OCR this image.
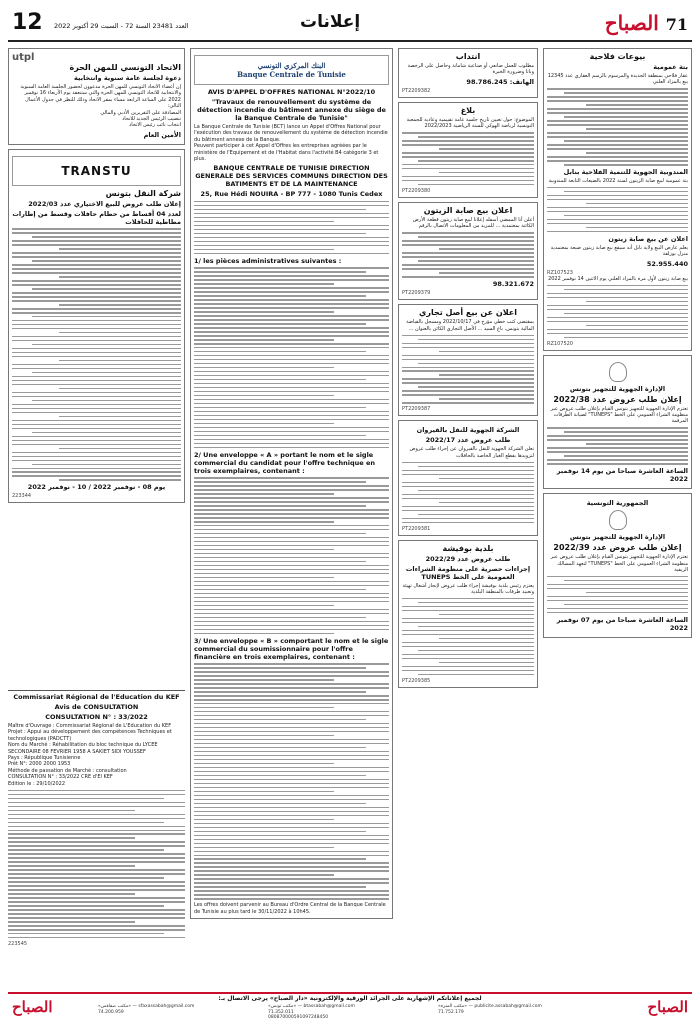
12 العدد 23481 السنة 72 - السبت 29 أكتوبر 2022	إعلانات	71 الصباح
utpl
الاتحاد التونسي للمهن الحرة
دعوة لجلسة عامة سنوية وانتخابية
إن أعضاء الاتحاد التونسي للمهن الحرة مدعوون لحضور الجلسة العامة السنوية والانتخابية للاتحاد التونسي للمهن الحرة والتي ستنعقد يوم الأربعاء 16 نوفمبر 2022 على الساعة الرابعة مساء بمقر الاتحاد وذلك للنظر في جدول الأعمال التالي:
المصادقة على التقريرين الأدبي والمالي
تنصيب الرئيس الجديد للاتحاد
انتخاب نائب رئيس الاتحاد
الأمين العام
TRANSTU
شركة النقل بتونس
إعلان طلب عروض للبيع الاختياري عدد 2022/03
لعدد 04 أقساط من حطام حافلات وقسط من إطارات مطاطية للحافلات
يوم 08 - نوفمبر 2022 / 10 - نوفمبر 2022
223344
Commissariat Régional de l'Education du KEF
Avis de CONSULTATION
CONSULTATION N° : 33/2022
Maître d'Ouvrage : Commissariat Régional de L'Education du KEF
Projet : Appui au développement des compétences Techniques et technologiques (PADCTT)
Nom du Marché : Réhabilitation du bloc technique du LYCEE SECONDAIRE 08 FEVRIER 1958 A SAKIET SIDI YOUSSEF
Pays : République Tunisienne
Prêt N°: 2000 2000 1953
Méthode de passation de Marché : consultation
CONSULTATION N° : 33/2022 CRE d'El KEF
Edition le : 29/10/2022
223545
البنك المركزي التونسي
Banque Centrale de Tunisie
AVIS D'APPEL D'OFFRES NATIONAL N°2022/10
"Travaux de renouvellement du système de détection incendie du bâtiment annexe du siège de la Banque Centrale de Tunisie"
La Banque Centrale de Tunisie (BCT) lance un Appel d'Offres National pour l'exécution des travaux de renouvellement du système de détection incendie du bâtiment annexe de la Banque.
Peuvent participer à cet Appel d'Offres les entreprises agréées par le ministère de l'Equipement et de l'Habitat dans l'activité B4 catégorie 3 et plus.
BANQUE CENTRALE DE TUNISIE DIRECTION GENERALE DES SERVICES COMMUNS DIRECTION DES BATIMENTS ET DE LA MAINTENANCE
25, Rue Hédi NOUIRA - BP 777 - 1080 Tunis Cedex
1/ les pièces administratives suivantes :
2/ Une enveloppe « A » portant le nom et le sigle commercial du candidat pour l'offre technique en trois exemplaires, contenant :
3/ Une enveloppe « B » comportant le nom et le sigle commercial du soumissionnaire pour l'offre financière en trois exemplaires, contenant :
Les offres doivent parvenir au Bureau d'Ordre Central de la Banque Centrale de Tunisie au plus tard le 30/11/2022 à 10h45.
انتداب
مطلوب للعمل صانعي أو صناعية شامانة وحاصل على الرخصة وباتا وضرورة الخبرة
الهاتف: 98.786.245
PT2209382
بلاغ
الموضوع: حول تعيين تاريخ جلسة عامة تقييمية وعادية للجمعية التونسية لرياضة الهوكي للسنة الرياضية 2022/2023
PT2209380
اعلان بيع صابة الزيتون
أعلن أنا الممضي أسفله إعلانا لبيع صابة زيتون قطعة الأرض الكائنة بمعتمدية ... للمزيد من المعلومات الاتصال بالرقم
98.321.672
PT2209379
اعلان عن بيع أصل تجاري
بمقتضى كتب خطي مؤرخ في 2022/10/17 ومسجل بالقباضة المالية بتونس، باع السيد ... الأصل التجاري الكائن بالعنوان ...
PT2209387
الشركة الجهوية للنقل بالقيروان
طلب عروض عدد 2022/17
تعلن الشركة الجهوية للنقل بالقيروان عن إجراء طلب عروض لتزويدها بقطع الغيار الخاصة بالحافلات
PT2209381
بلدية بوفيشة
طلب عروض عدد 2022/29
إجراءات حصرية على منظومة الشراءات العمومية على الخط TUNEPS
يعتزم رئيس بلدية بوفيشة إجراء طلب عروض لإنجاز أشغال تهيئة وتعبيد طرقات بالمنطقة البلدية
PT2209385
بيوعات فلاحية
بتة عمومية
عقار فلاحي بمنطقة الجديدة والمرسوم بالرسم العقاري عدد 12345 بيع بالمزاد العلني
المندوبية الجهوية للتنمية الفلاحية بنابل
بتة عمومية لبيع صابة الزيتون لسنة 2022 بالضيعات التابعة للمندوبية
اعلان عن بيع صابة زيتون
يعلم عارض البيع ولاية نابل أنه سيقع بيع صابة زيتون ضيعة بمعتمدية منزل بوزلفة
52.955.440
RZ107523
بيع صابة زيتون لأول مرة بالمزاد العلني يوم الاثنين 14 نوفمبر 2022
RZ107520
الإدارة الجهوية للتجهيز بتونس
إعلان طلب عروض عدد 2022/38
تعتزم الإدارة الجهوية للتجهيز بتونس القيام بإعلان طلب عروض عبر منظومة الشراء العمومي على الخط "TUNEPS" لصيانة الطرقات المرقمة
الساعة العاشرة صباحا من يوم 14 نوفمبر 2022
الجمهورية التونسية
الإدارة الجهوية للتجهيز بتونس
إعلان طلب عروض عدد 2022/39
تعتزم الإدارة الجهوية للتجهيز بتونس القيام بإعلان طلب عروض عبر منظومة الشراء العمومي على الخط "TUNEPS" لتعهد المسالك الريفية
الساعة العاشرة صباحا من يوم 07 نوفمبر 2022
الصباح	لجميع إعلاناتكم الإشهارية على الجرائد الورقية والإلكترونية «دار الصباح» يرجى الاتصال بـ:
«مكتب صفاقس» — sfaxassabah@gmail.com
74.200.959
«مكتب تونس» — btassabah@gmail.com
71.352.011
080870000591097248450
«مكتب المنزه» — publicite.assabah@gmail.com
71.752.179	الصباح
